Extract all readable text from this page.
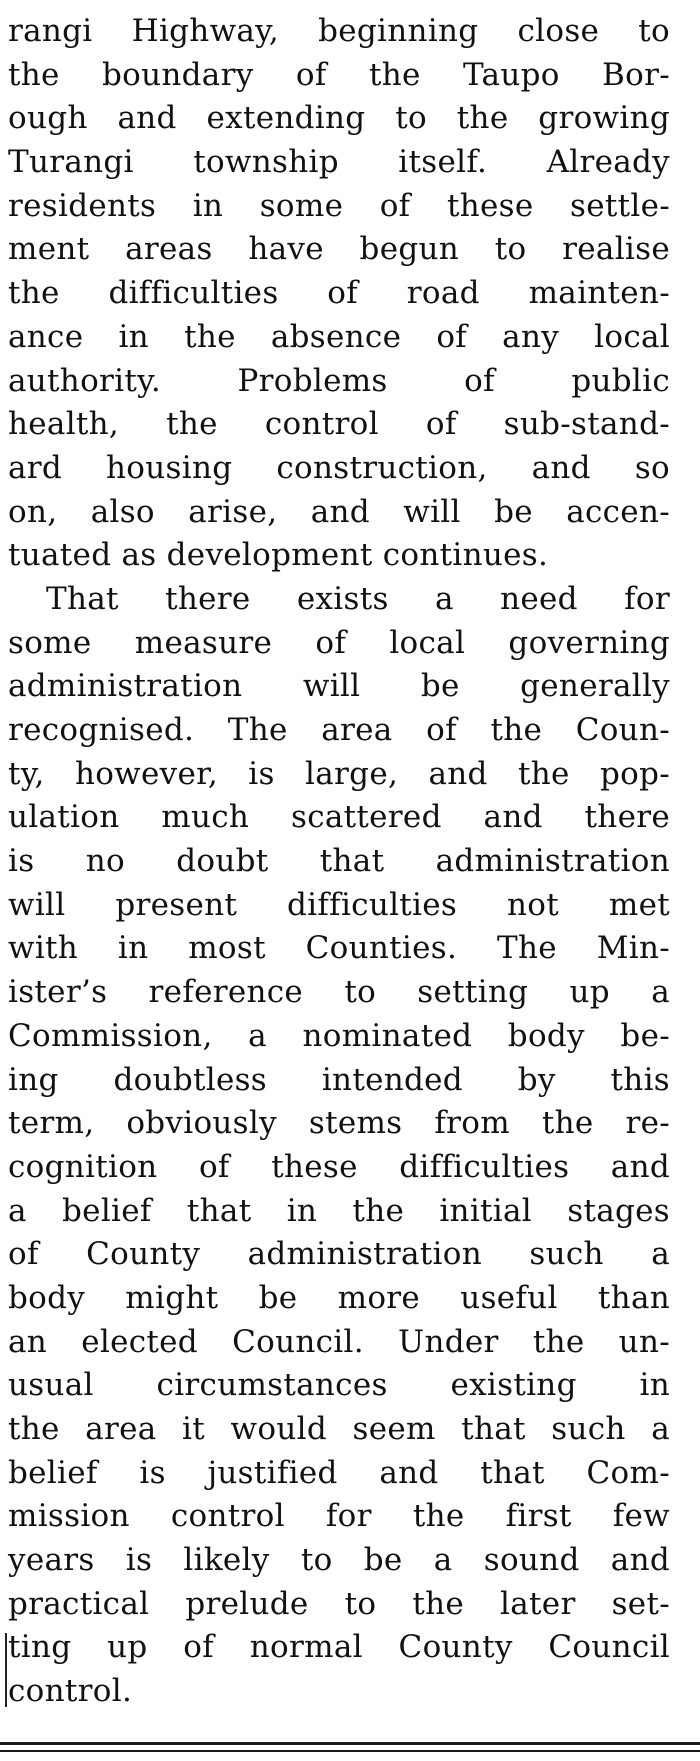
rangi Highway, beginning close to
the boundary of the Taupo Bor-
ough and extending to the growing
Turangi township itself. Already
residents in some of these settle-
ment areas have begun to realise
the difficulties of road mainten-
ance in the absence of any local
authority. Problems of public
health, the control of sub-stand-
ard housing construction, and so
on, also arise, and will be accen-
tuated as development continues.
That there exists a need for
some measure of local governing
administration will be generally
recognised. The area of the Coun-
ty, however, is large, and the pop-
ulation much scattered and there
is no doubt that administration
will present difficulties not met
with in most Counties. The Min-
ister’s reference to setting up a
Commission, a nominated body be-
ing doubtless intended by this
term, obviously stems from the re-
cognition of these difficulties and
a belief that in the initial stages
of County administration such a
body might be more useful than
an elected Council. Under the un-
usual circumstances existing in
the area it would seem that such a
belief is justified and that Com-
mission control for the first few
years is likely to be a sound and
practical prelude to the later set-
ting up of normal County Council
control.
